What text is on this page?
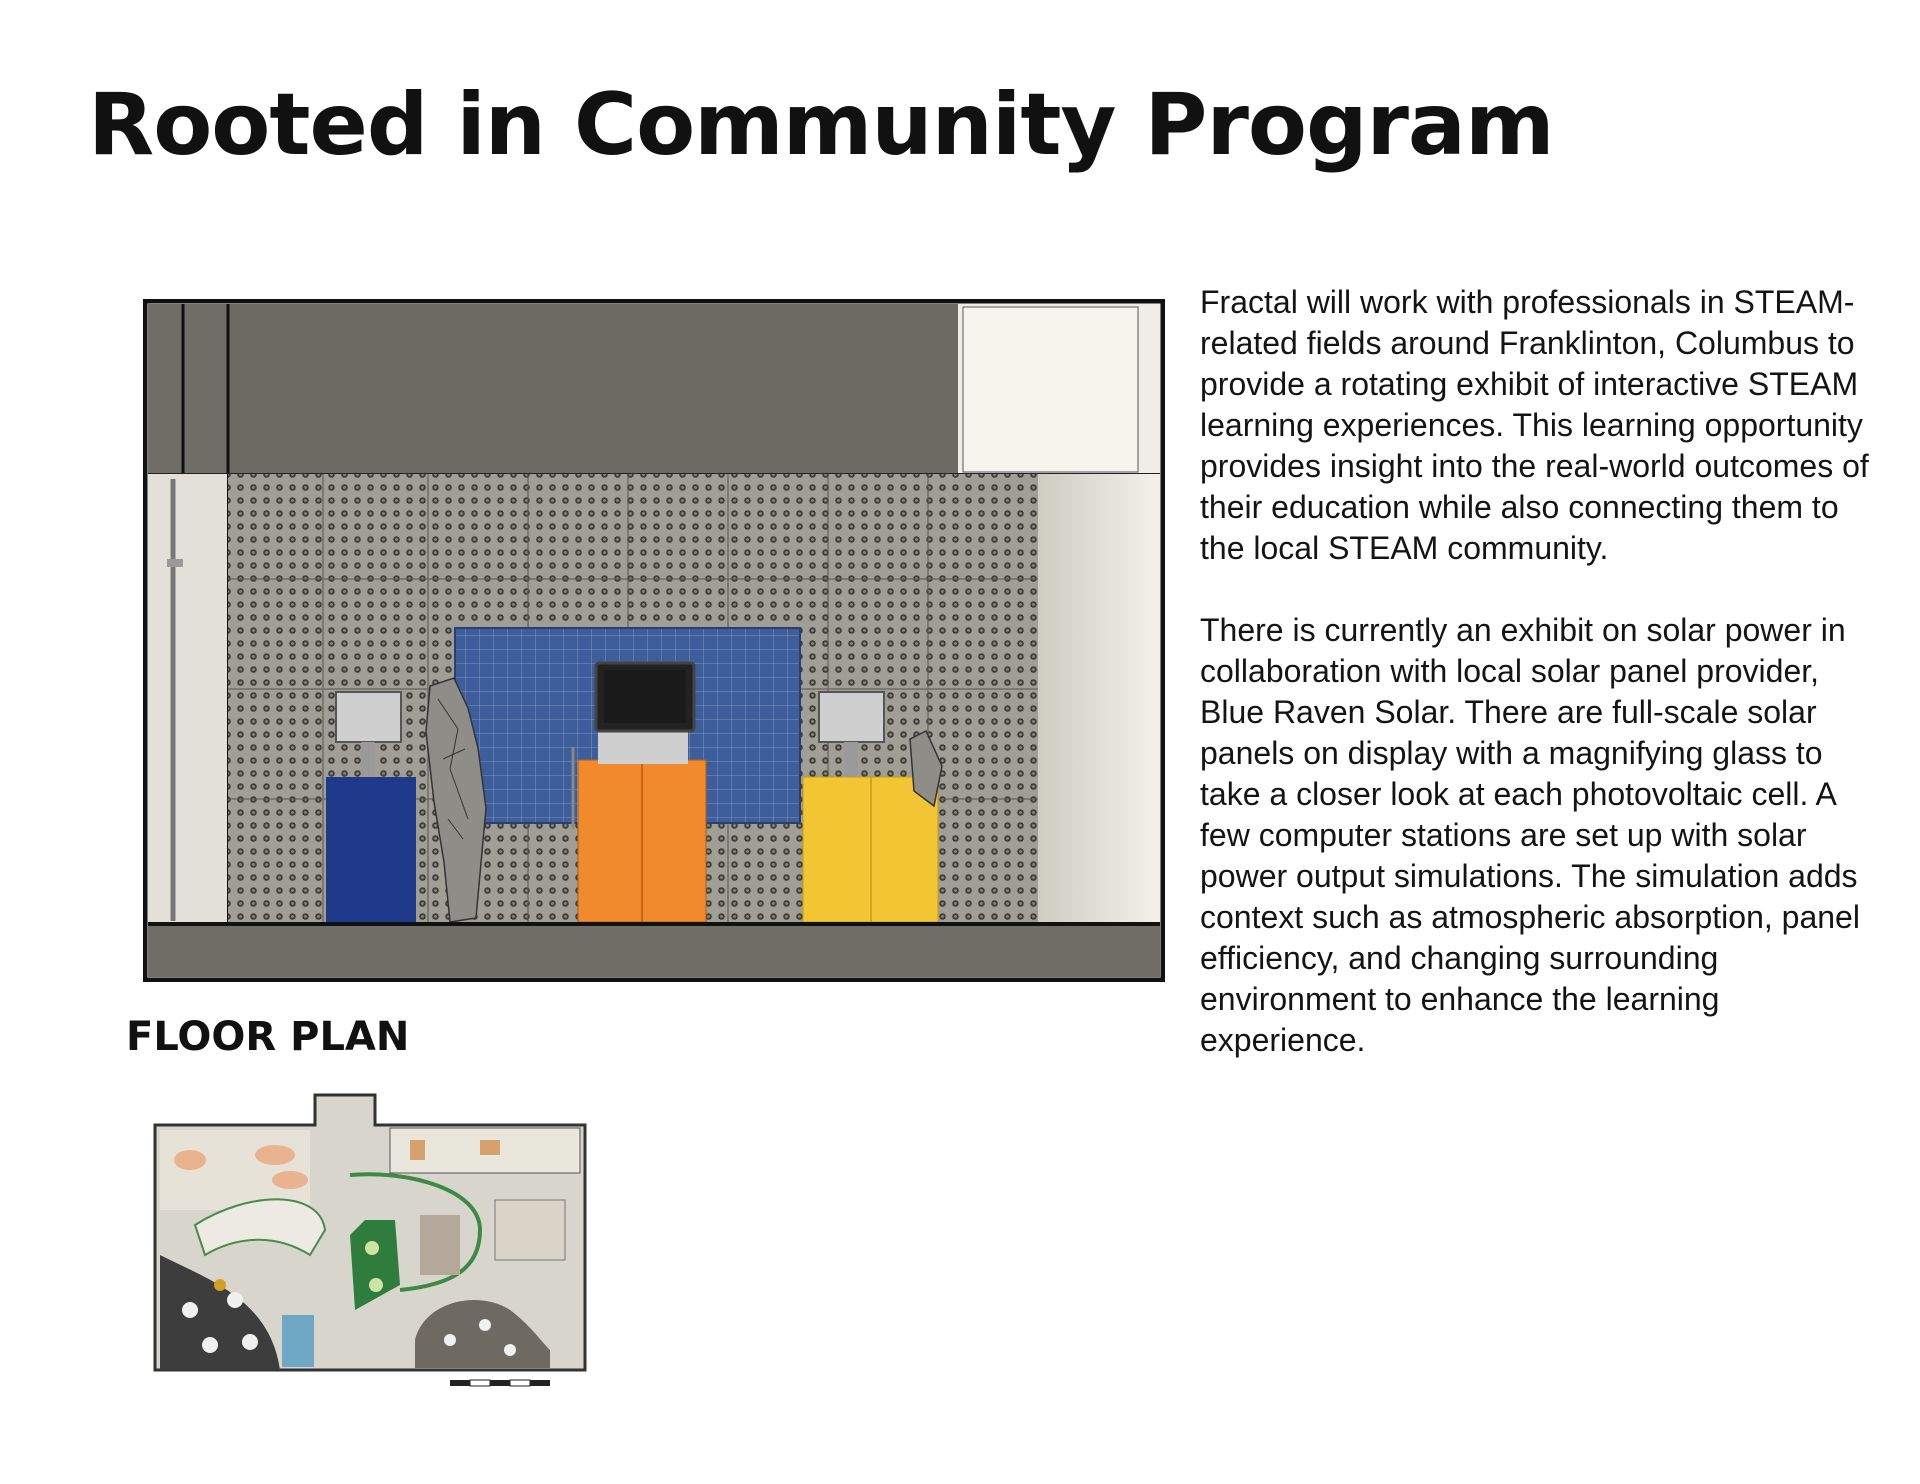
Rooted in Community Program

Fractal will work with professionals in STEAM-related fields around Franklinton, Columbus to provide a rotating exhibit of interactive STEAM learning experiences. This learning opportunity provides insight into the real-world outcomes of their education while also connecting them to the local STEAM community.

There is currently an exhibit on solar power in collaboration with local solar panel provider, Blue Raven Solar. There are full-scale solar panels on display with a magnifying glass to take a closer look at each photovoltaic cell. A few computer stations are set up with solar power output simulations. The simulation adds context such as atmospheric absorption, panel efficiency, and changing surrounding environment to enhance the learning experience.

FLOOR PLAN
